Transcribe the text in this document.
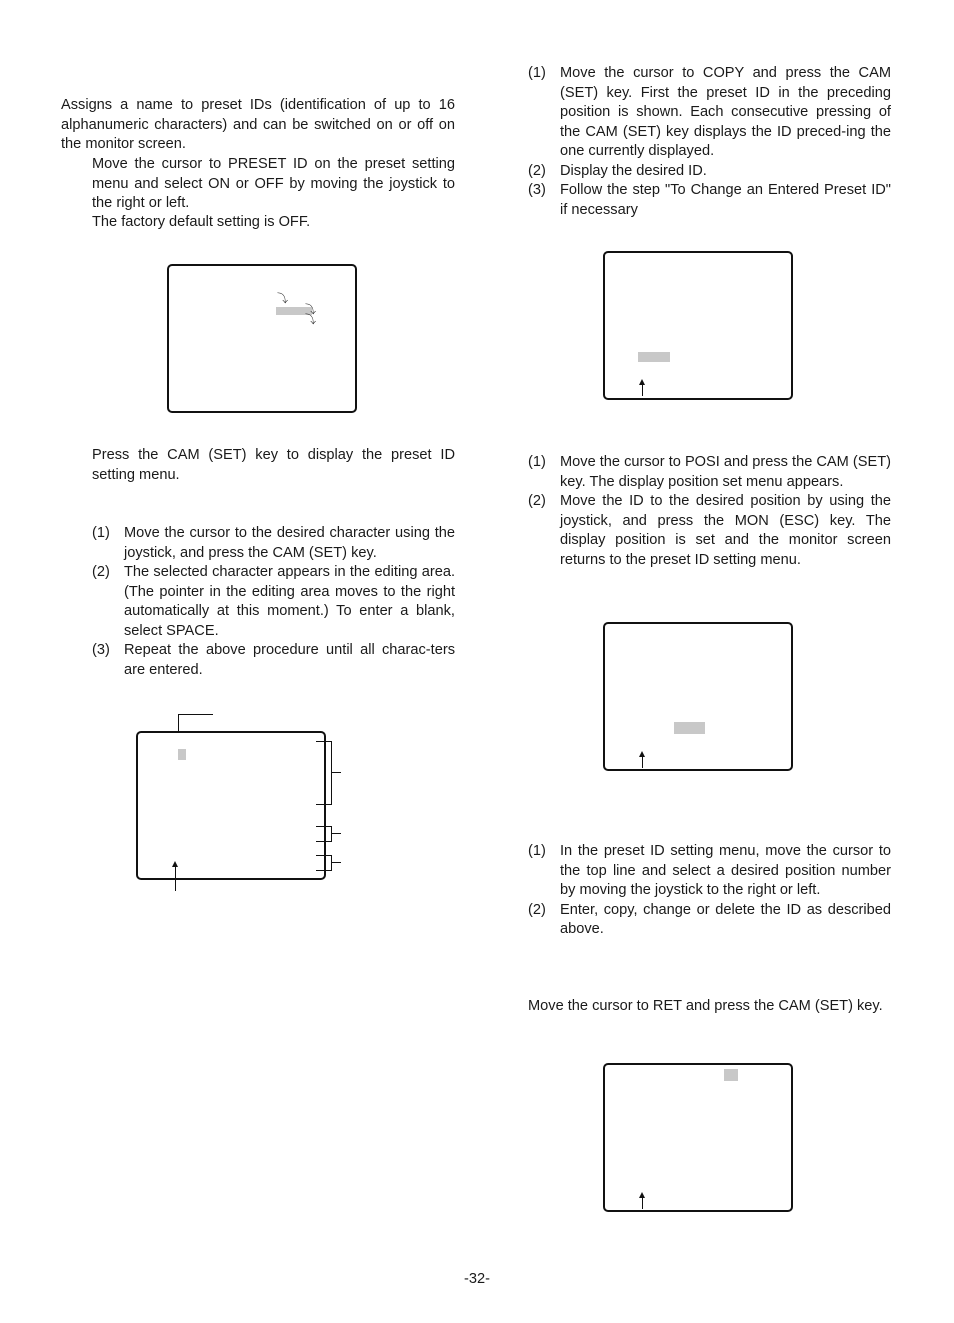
Assigns a name to preset IDs (identification of up to 16 alphanumeric characters) and can be switched on or off on the monitor screen.

Move the cursor to PRESET ID on the preset setting menu and select ON or OFF by moving the joystick to the right or left.

The factory default setting is OFF.

⤵
⤵
⤵

Press the CAM (SET) key to display the preset ID setting menu.

(1) Move the cursor to the desired character using the joystick, and press the CAM (SET) key.
(2) The selected character appears in the editing area. (The pointer in the editing area moves to the right automatically at this moment.) To enter a blank, select SPACE.
(3) Repeat the above procedure until all charac-ters are entered.
(1) Move the cursor to COPY and press the CAM (SET) key. First the preset ID in the preceding position is shown. Each consecutive pressing of the CAM (SET) key displays the ID preced-ing the one currently displayed.
(2) Display the desired ID.
(3) Follow the step "To Change an Entered Preset ID" if necessary
(1) Move the cursor to POSI and press the CAM (SET) key. The display position set menu appears.
(2) Move the ID to the desired position by using the joystick, and press the MON (ESC) key. The display position is set and the monitor screen returns to the preset ID setting menu.
(1) In the preset ID setting menu, move the cursor to the top line and select a desired position number by moving the joystick to the right or left.
(2) Enter, copy, change or delete the ID as described above.

Move the cursor to RET and press the CAM (SET) key.

-32-
